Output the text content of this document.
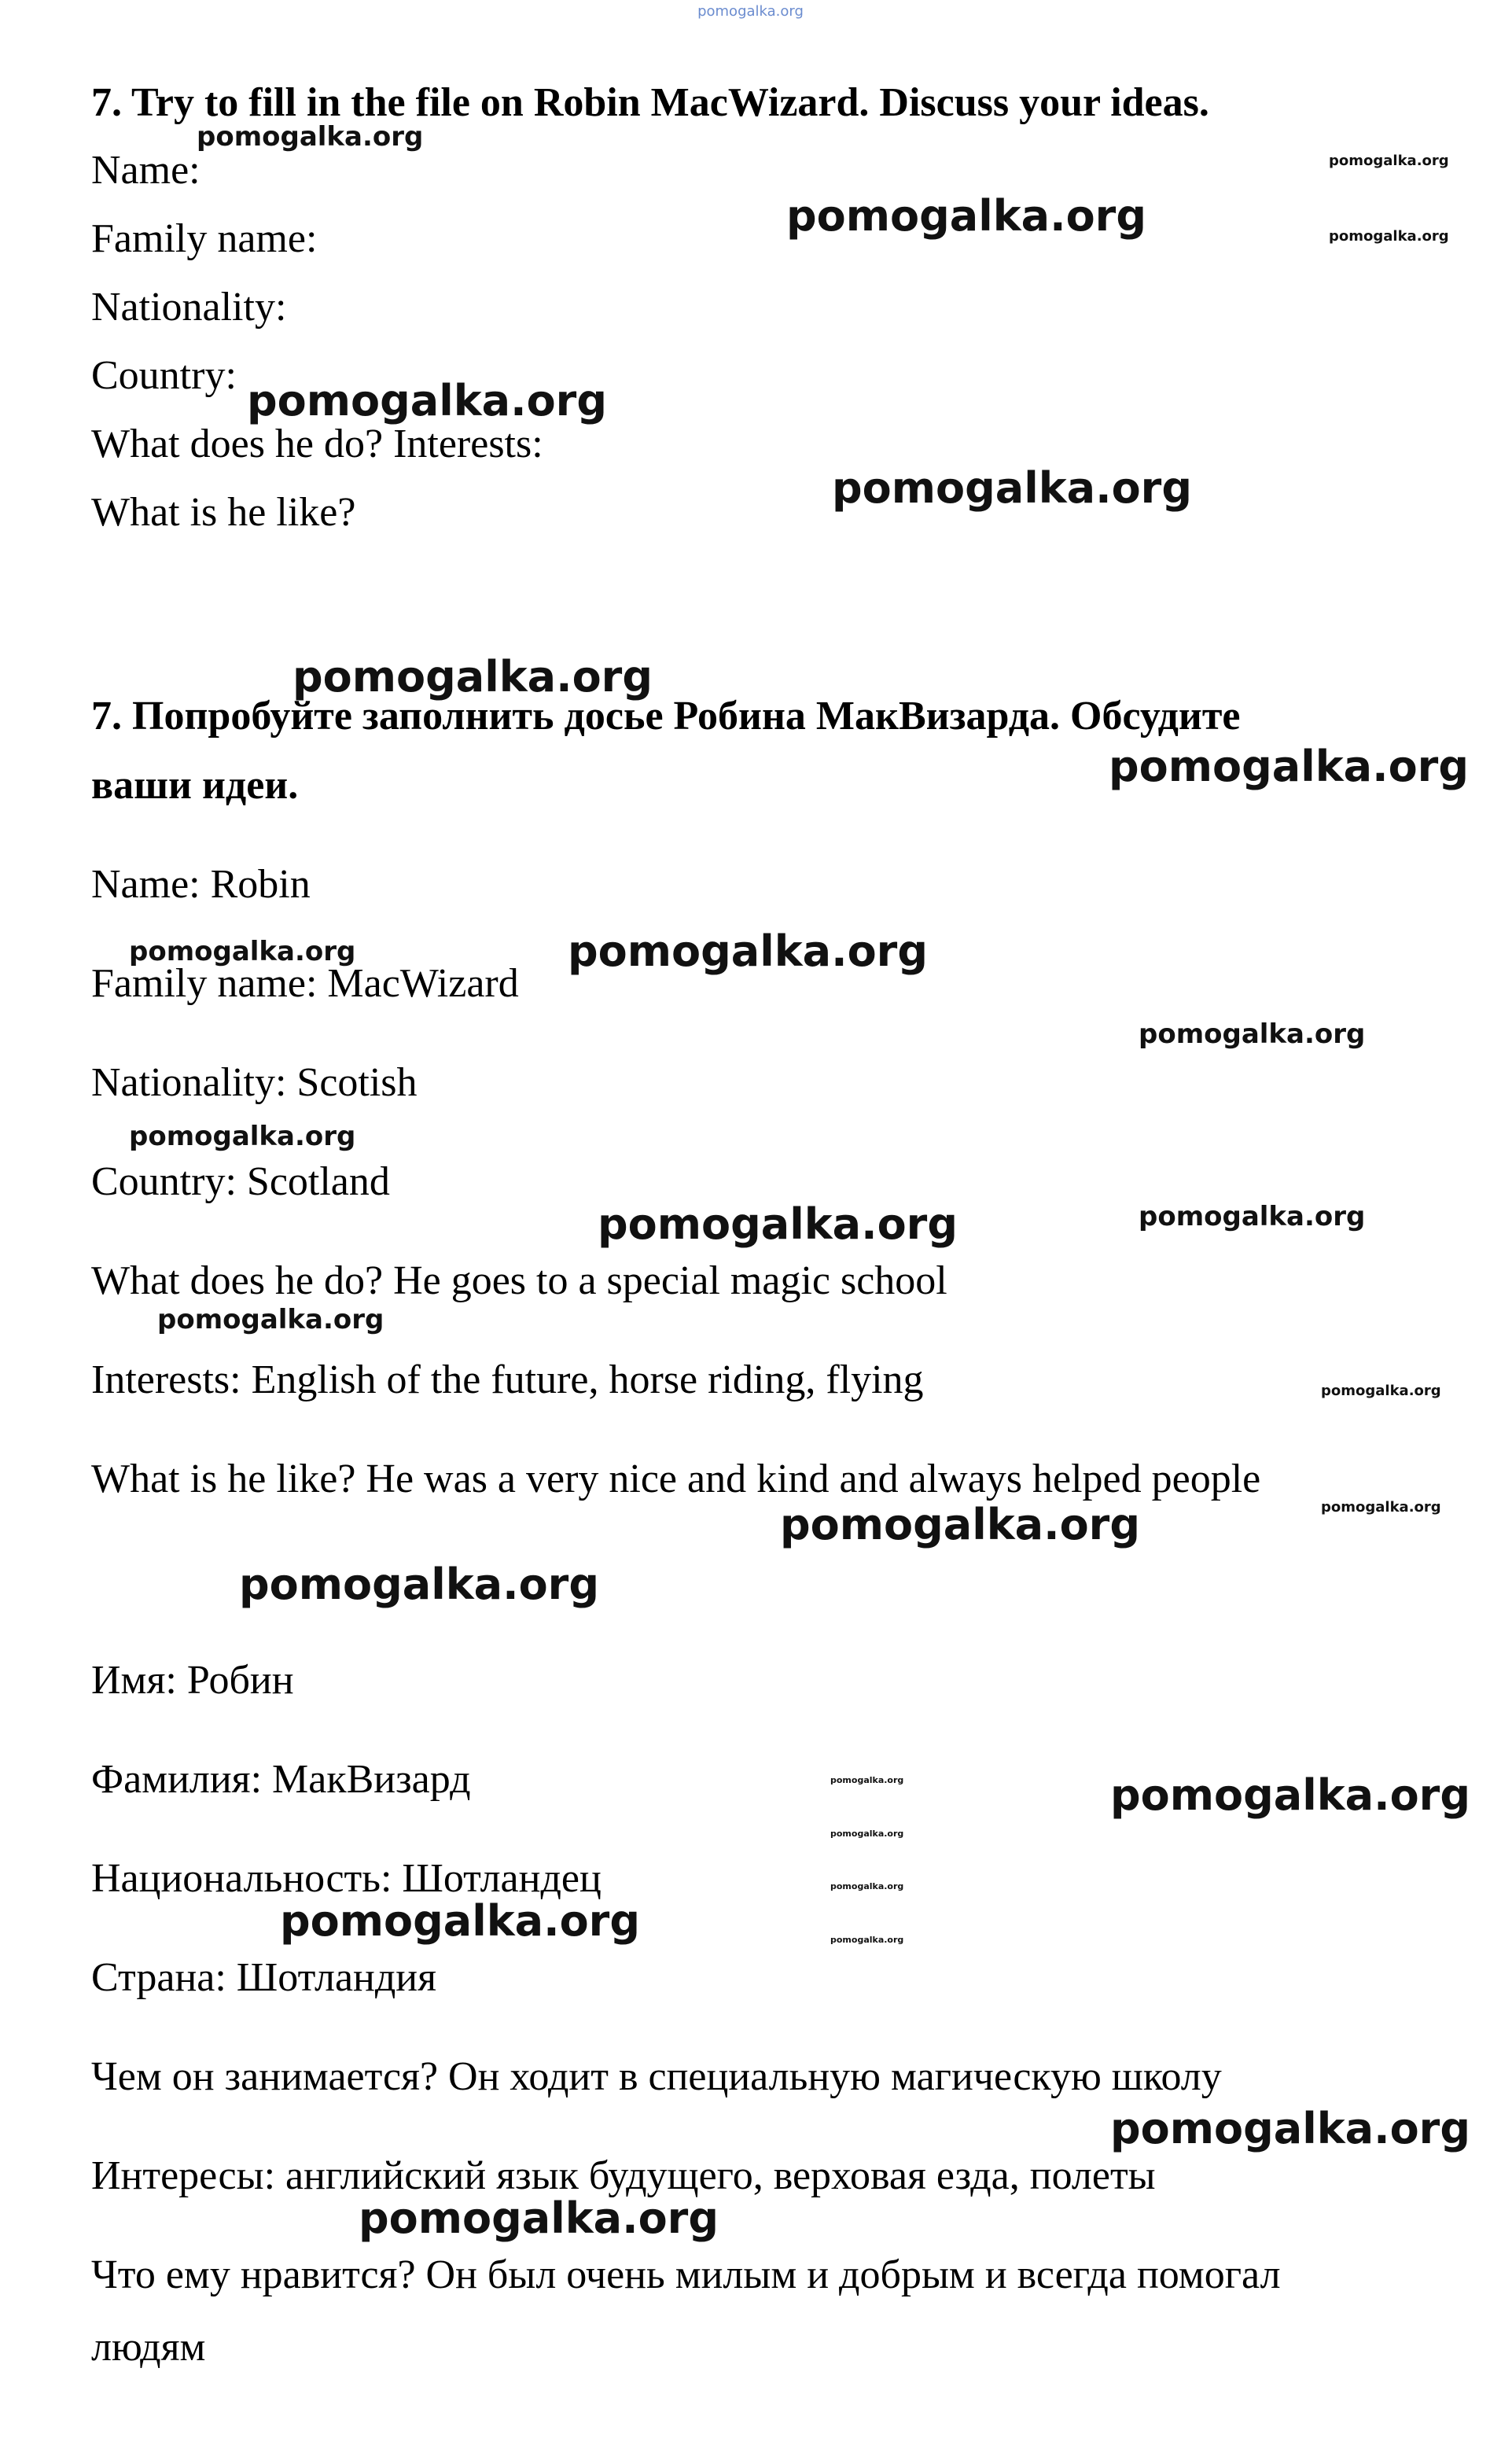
pomogalka.org
7. Try to fill in the file on Robin MacWizard. Discuss your ideas.
Name:
Family name:
Nationality:
Country:
What does he do? Interests:
What is he like?
7. Попробуйте заполнить досье Робина МакВизарда. Обсудите
ваши идеи.
Name: Robin
Family name: MacWizard
Nationality: Scotish
Country: Scotland
What does he do? He goes to a special magic school
Interests: English of the future, horse riding, flying
What is he like? He was a very nice and kind and always helped people
Имя: Робин
Фамилия: МакВизард
Национальность: Шотландец
Страна: Шотландия
Чем он занимается? Он ходит в специальную магическую школу
Интересы: английский язык будущего, верховая езда, полеты
Что ему нравится? Он был очень милым и добрым и всегда помогал
людям
pomogalka.org
pomogalka.org
pomogalka.org	pomogalka.org
pomogalka.org
pomogalka.org
pomogalka.org
pomogalka.org
pomogalka.org	pomogalka.org
pomogalka.org
pomogalka.org
pomogalka.org	pomogalka.org
pomogalka.org
pomogalka.org
pomogalka.org
pomogalka.org
pomogalka.org
pomogalka.org	pomogalka.org
pomogalka.org
pomogalka.org
pomogalka.org	pomogalka.org
pomogalka.org
pomogalka.org
